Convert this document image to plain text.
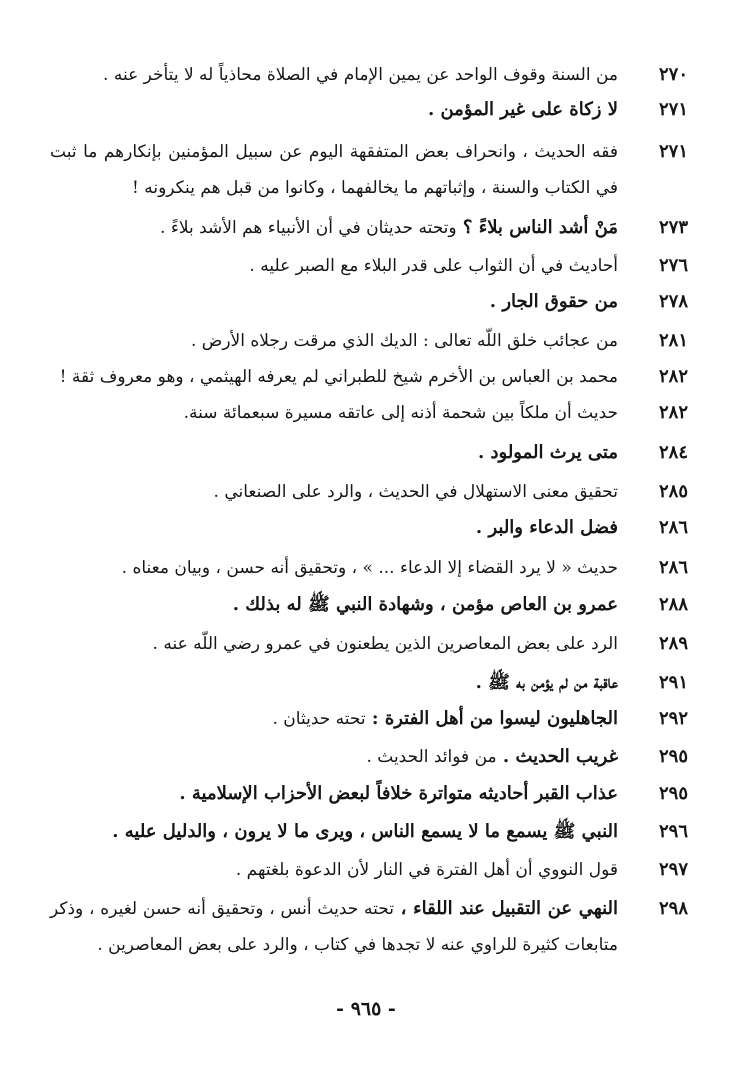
٢٧٠
من السنة وقوف الواحد عن يمين الإمام في الصلاة محاذياً له لا يتأخر عنه .
٢٧١
لا زكاة على غير المؤمن .
٢٧١
فقه الحديث ، وانحراف بعض المتفقهة اليوم عن سبيل المؤمنين بإنكارهم ما ثبت في الكتاب والسنة ، وإثباتهم ما يخالفهما ، وكانوا من قبل هم ينكرونه !
٢٧٣
مَنْ أشد الناس بلاءً ؟ وتحته حديثان في أن الأنبياء هم الأشد بلاءً .
٢٧٦
أحاديث في أن الثواب على قدر البلاء مع الصبر عليه .
٢٧٨
من حقوق الجار .
٢٨١
من عجائب خلق اللّه تعالى : الديك الذي مرقت رجلاه الأرض .
٢٨٢
محمد بن العباس بن الأخرم شيخ للطبراني لم يعرفه الهيثمي ، وهو معروف ثقة !
٢٨٢
حديث أن ملكاً بين شحمة أذنه إلى عاتقه مسيرة سبعمائة سنة.
٢٨٤
متى يرث المولود .
٢٨٥
تحقيق معنى الاستهلال في الحديث ، والرد على الصنعاني .
٢٨٦
فضل الدعاء والبر .
٢٨٦
حديث « لا يرد القضاء إلا الدعاء ... » ، وتحقيق أنه حسن ، وبيان معناه .
٢٨٨
عمرو بن العاص مؤمن ، وشهادة النبي ﷺ له بذلك .
٢٨٩
الرد على بعض المعاصرين الذين يطعنون في عمرو رضي اللّه عنه .
٢٩١
عاقبة من لم يؤمن به ﷺ .
٢٩٢
الجاهليون ليسوا من أهل الفترة : تحته حديثان .
٢٩٥
غريب الحديث . من فوائد الحديث .
٢٩٥
عذاب القبر أحاديثه متواترة خلافاً لبعض الأحزاب الإسلامية .
٢٩٦
النبي ﷺ يسمع ما لا يسمع الناس ، ويرى ما لا يرون ، والدليل عليه .
٢٩٧
قول النووي أن أهل الفترة في النار لأن الدعوة بلغتهم .
٢٩٨
النهي عن التقبيل عند اللقاء ، تحته حديث أنس ، وتحقيق أنه حسن لغيره ، وذكر متابعات كثيرة للراوي عنه لا تجدها في كتاب ، والرد على بعض المعاصرين .
- ٩٦٥ -
